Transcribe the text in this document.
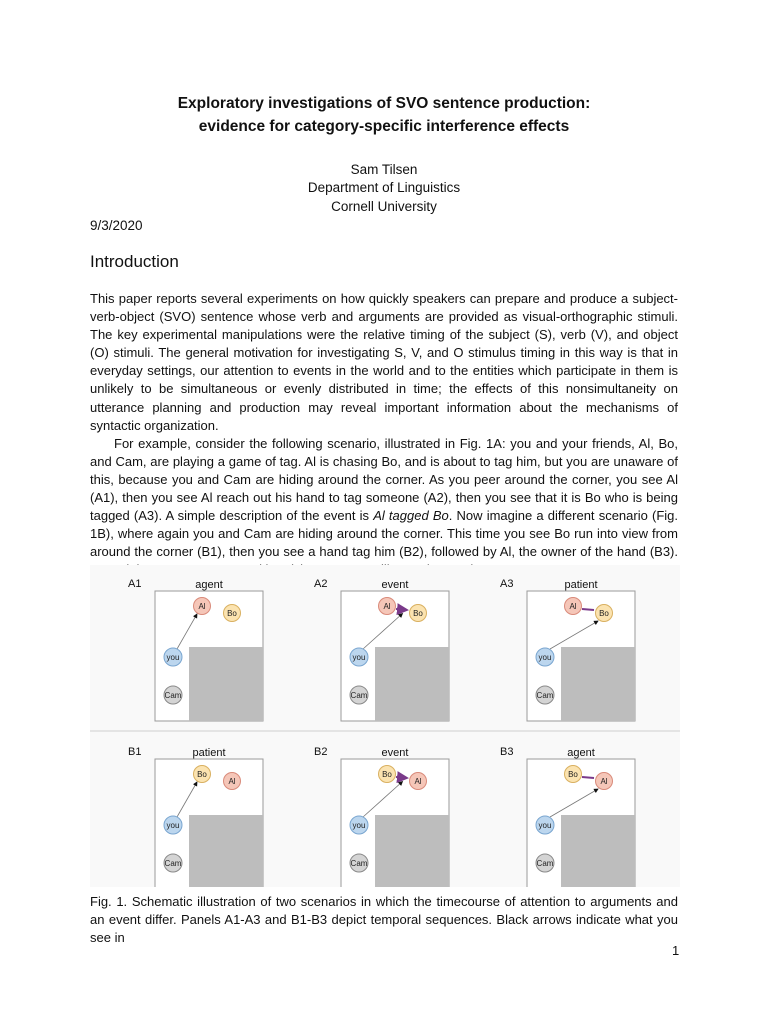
Exploratory investigations of SVO sentence production:
evidence for category-specific interference effects
Sam Tilsen
Department of Linguistics
Cornell University
9/3/2020
Introduction

This paper reports several experiments on how quickly speakers can prepare and produce a subject-verb-object (SVO) sentence whose verb and arguments are provided as visual-orthographic stimuli. The key experimental manipulations were the relative timing of the subject (S), verb (V), and object (O) stimuli. The general motivation for investigating S, V, and O stimulus timing in this way is that in everyday settings, our attention to events in the world and to the entities which participate in them is unlikely to be simultaneous or evenly distributed in time; the effects of this nonsimultaneity on utterance planning and production may reveal important information about the mechanisms of syntactic organization.

For example, consider the following scenario, illustrated in Fig. 1A: you and your friends, Al, Bo, and Cam, are playing a game of tag. Al is chasing Bo, and is about to tag him, but you are unaware of this, because you and Cam are hiding around the corner. As you peer around the corner, you see Al (A1), then you see Al reach out his hand to tag someone (A2), then you see that it is Bo who is being tagged (A3). A simple description of the event is Al tagged Bo. Now imagine a different scenario (Fig. 1B), where again you and Cam are hiding around the corner. This time you see Bo run into view from around the corner (B1), then you see a hand tag him (B2), followed by Al, the owner of the hand (B3).

A1	agent
Al
Bo
you
Cam
A2	event
Al
Bo
you
Cam
A3	patient
Al
Bo
you
Cam
B1	patient
Bo
Al
you
Cam
B2	event
Bo
Al
you
Cam
B3	agent
Bo
Al
you
Cam
Fig. 1. Schematic illustration of two scenarios in which the timecourse of attention to arguments and an event differ. Panels A1-A3 and B1-B3 depict temporal sequences. Black arrows indicate what you see in
1
